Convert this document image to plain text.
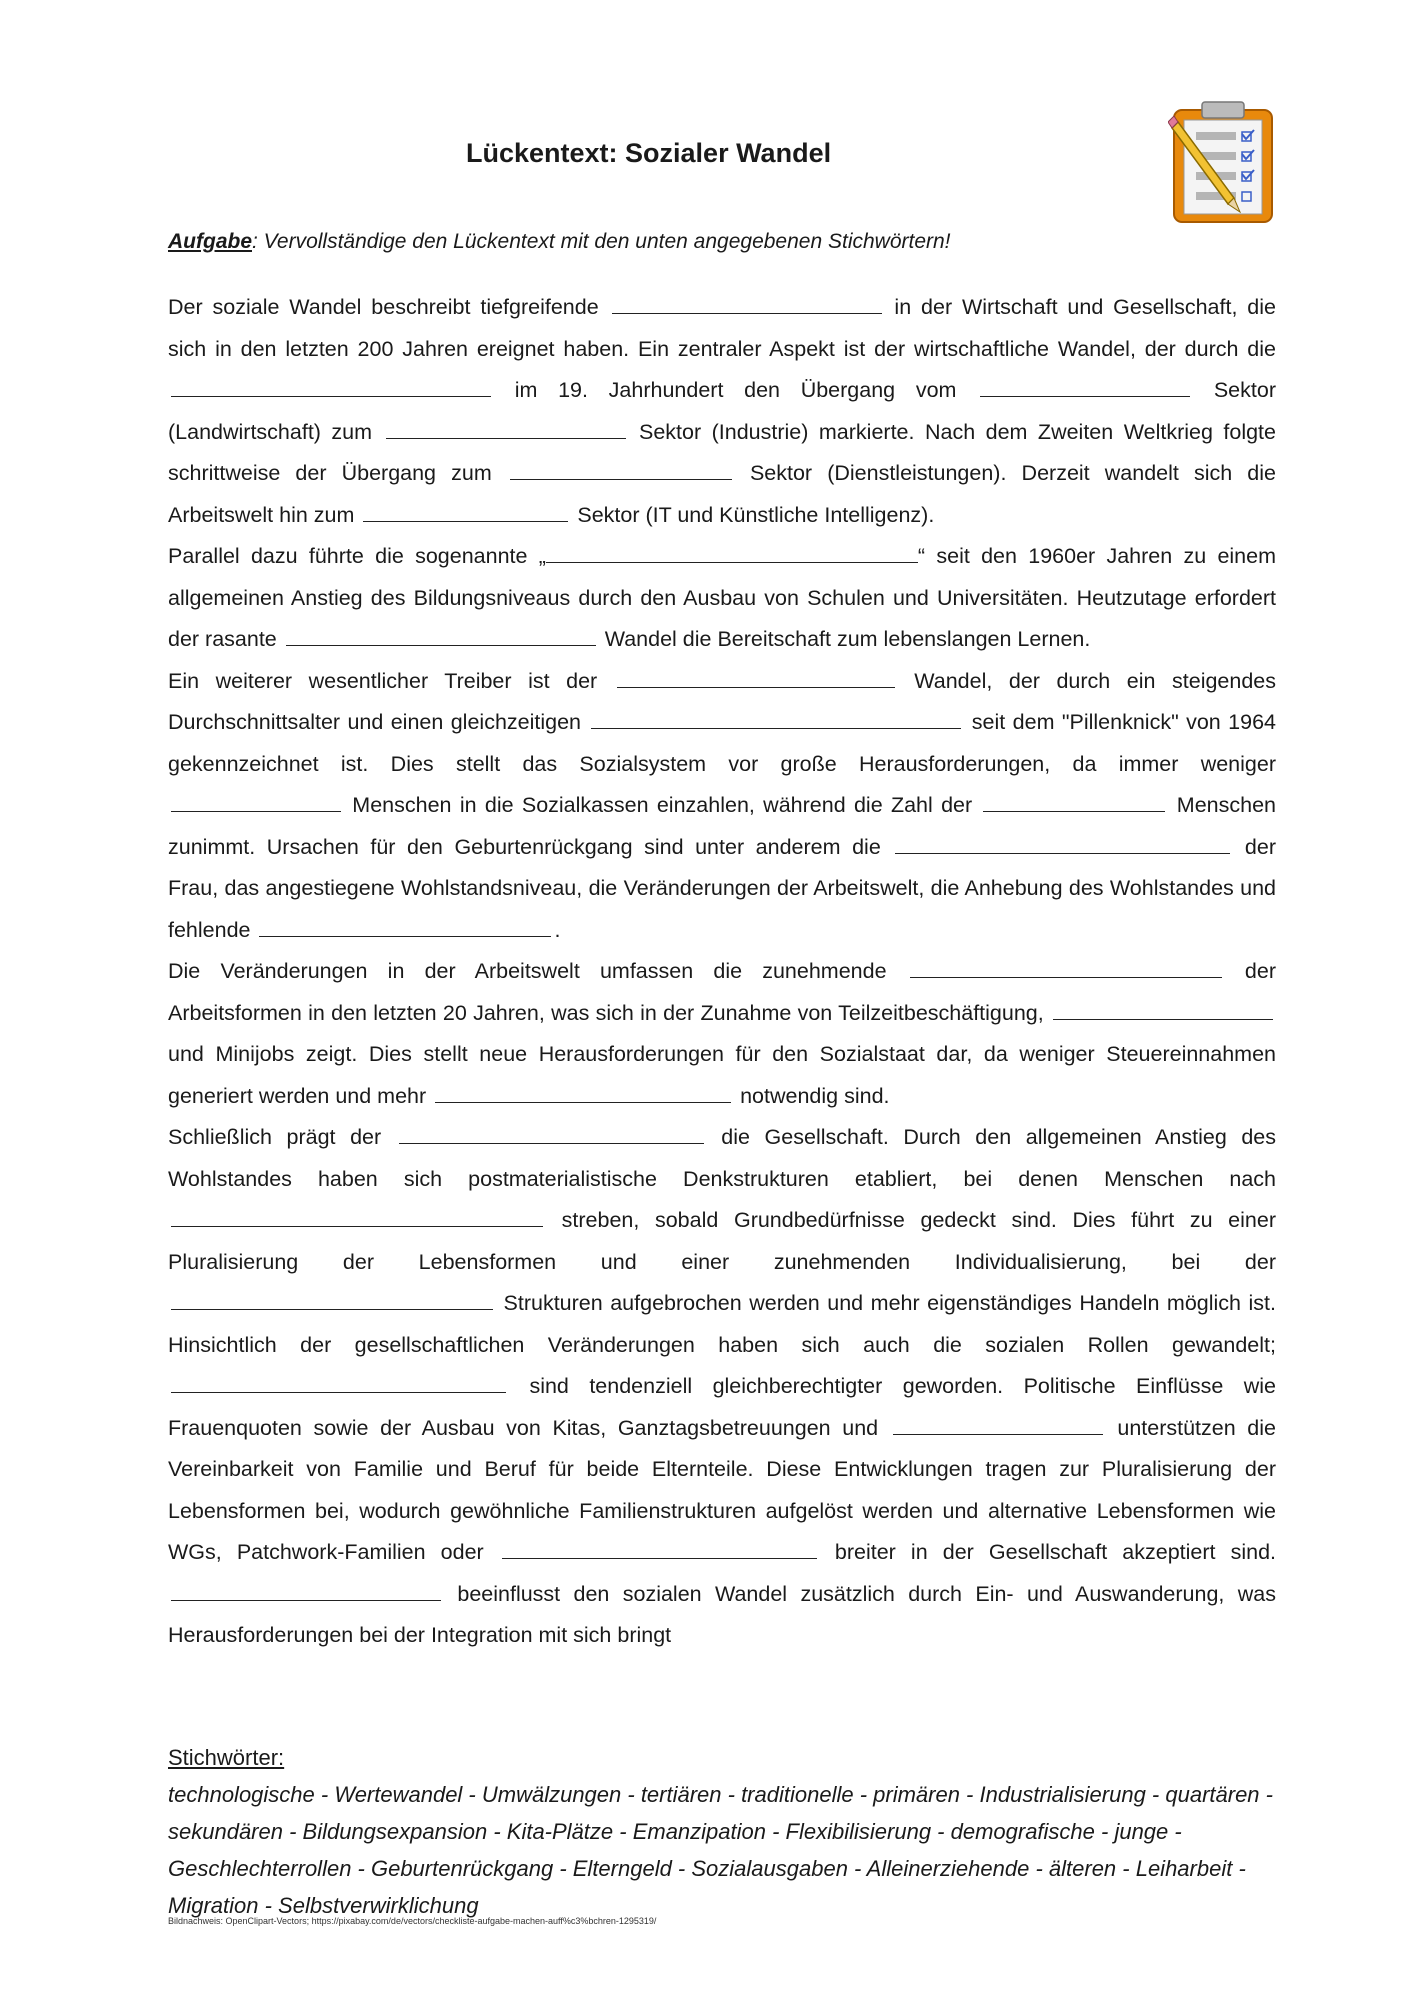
Lückentext: Sozialer Wandel
Aufgabe: Vervollständige den Lückentext mit den unten angegebenen Stichwörtern!

Der soziale Wandel beschreibt tiefgreifende	in der Wirtschaft und Gesellschaft, die sich in den letzten 200 Jahren ereignet haben. Ein zentraler Aspekt ist der wirtschaftliche Wandel, der durch die  im 19. Jahrhundert den Übergang vom	Sektor (Landwirtschaft) zum	Sektor (Industrie) markierte. Nach dem Zweiten Weltkrieg folgte schrittweise der Übergang zum	Sektor (Dienstleistungen). Derzeit wandelt sich die Arbeitswelt hin zum	Sektor (IT und Künstliche Intelligenz).

Parallel dazu führte die sogenannte „	“ seit den 1960er Jahren zu einem allgemeinen Anstieg des Bildungsniveaus durch den Ausbau von Schulen und Universitäten. Heutzutage erfordert der rasante	Wandel die Bereitschaft zum lebenslangen Lernen.

Ein weiterer wesentlicher Treiber ist der	Wandel, der durch ein steigendes Durchschnittsalter und einen gleichzeitigen	seit dem "Pillenknick" von 1964 gekennzeichnet ist. Dies stellt das Sozialsystem vor große Herausforderungen, da immer weniger  Menschen in die Sozialkassen einzahlen, während die Zahl der	Menschen zunimmt. Ursachen für den Geburtenrückgang sind unter anderem die	der Frau, das angestiegene Wohlstandsniveau, die Veränderungen der Arbeitswelt, die Anhebung des Wohlstandes und fehlende	.

Die Veränderungen in der Arbeitswelt umfassen die zunehmende	der Arbeitsformen in den letzten 20 Jahren, was sich in der Zunahme von Teilzeitbeschäftigung,  und Minijobs zeigt. Dies stellt neue Herausforderungen für den Sozialstaat dar, da weniger Steuereinnahmen generiert werden und mehr	notwendig sind.

Schließlich prägt der	die Gesellschaft. Durch den allgemeinen Anstieg des Wohlstandes haben sich postmaterialistische Denkstrukturen etabliert, bei denen Menschen nach  streben, sobald Grundbedürfnisse gedeckt sind. Dies führt zu einer Pluralisierung der Lebensformen und einer zunehmenden Individualisierung, bei der  Strukturen aufgebrochen werden und mehr eigenständiges Handeln möglich ist. Hinsichtlich der gesellschaftlichen Veränderungen haben sich auch die sozialen Rollen gewandelt;  sind tendenziell gleichberechtigter geworden. Politische Einflüsse wie Frauenquoten sowie der Ausbau von Kitas, Ganztagsbetreuungen und	unterstützen die Vereinbarkeit von Familie und Beruf für beide Elternteile. Diese Entwicklungen tragen zur Pluralisierung der Lebensformen bei, wodurch gewöhnliche Familienstrukturen aufgelöst werden und alternative Lebensformen wie WGs, Patchwork-Familien oder	breiter in der Gesellschaft akzeptiert sind.  beeinflusst den sozialen Wandel zusätzlich durch Ein- und Auswanderung, was Herausforderungen bei der Integration mit sich bringt

Stichwörter:
technologische - Wertewandel - Umwälzungen - tertiären - traditionelle - primären - Industrialisierung - quartären - sekundären - Bildungsexpansion - Kita-Plätze - Emanzipation - Flexibilisierung - demografische - junge - Geschlechterrollen - Geburtenrückgang - Elterngeld - Sozialausgaben - Alleinerziehende - älteren - Leiharbeit - Migration - Selbstverwirklichung
Bildnachweis: OpenClipart-Vectors; https://pixabay.com/de/vectors/checkliste-aufgabe-machen-auff%c3%bchren-1295319/
